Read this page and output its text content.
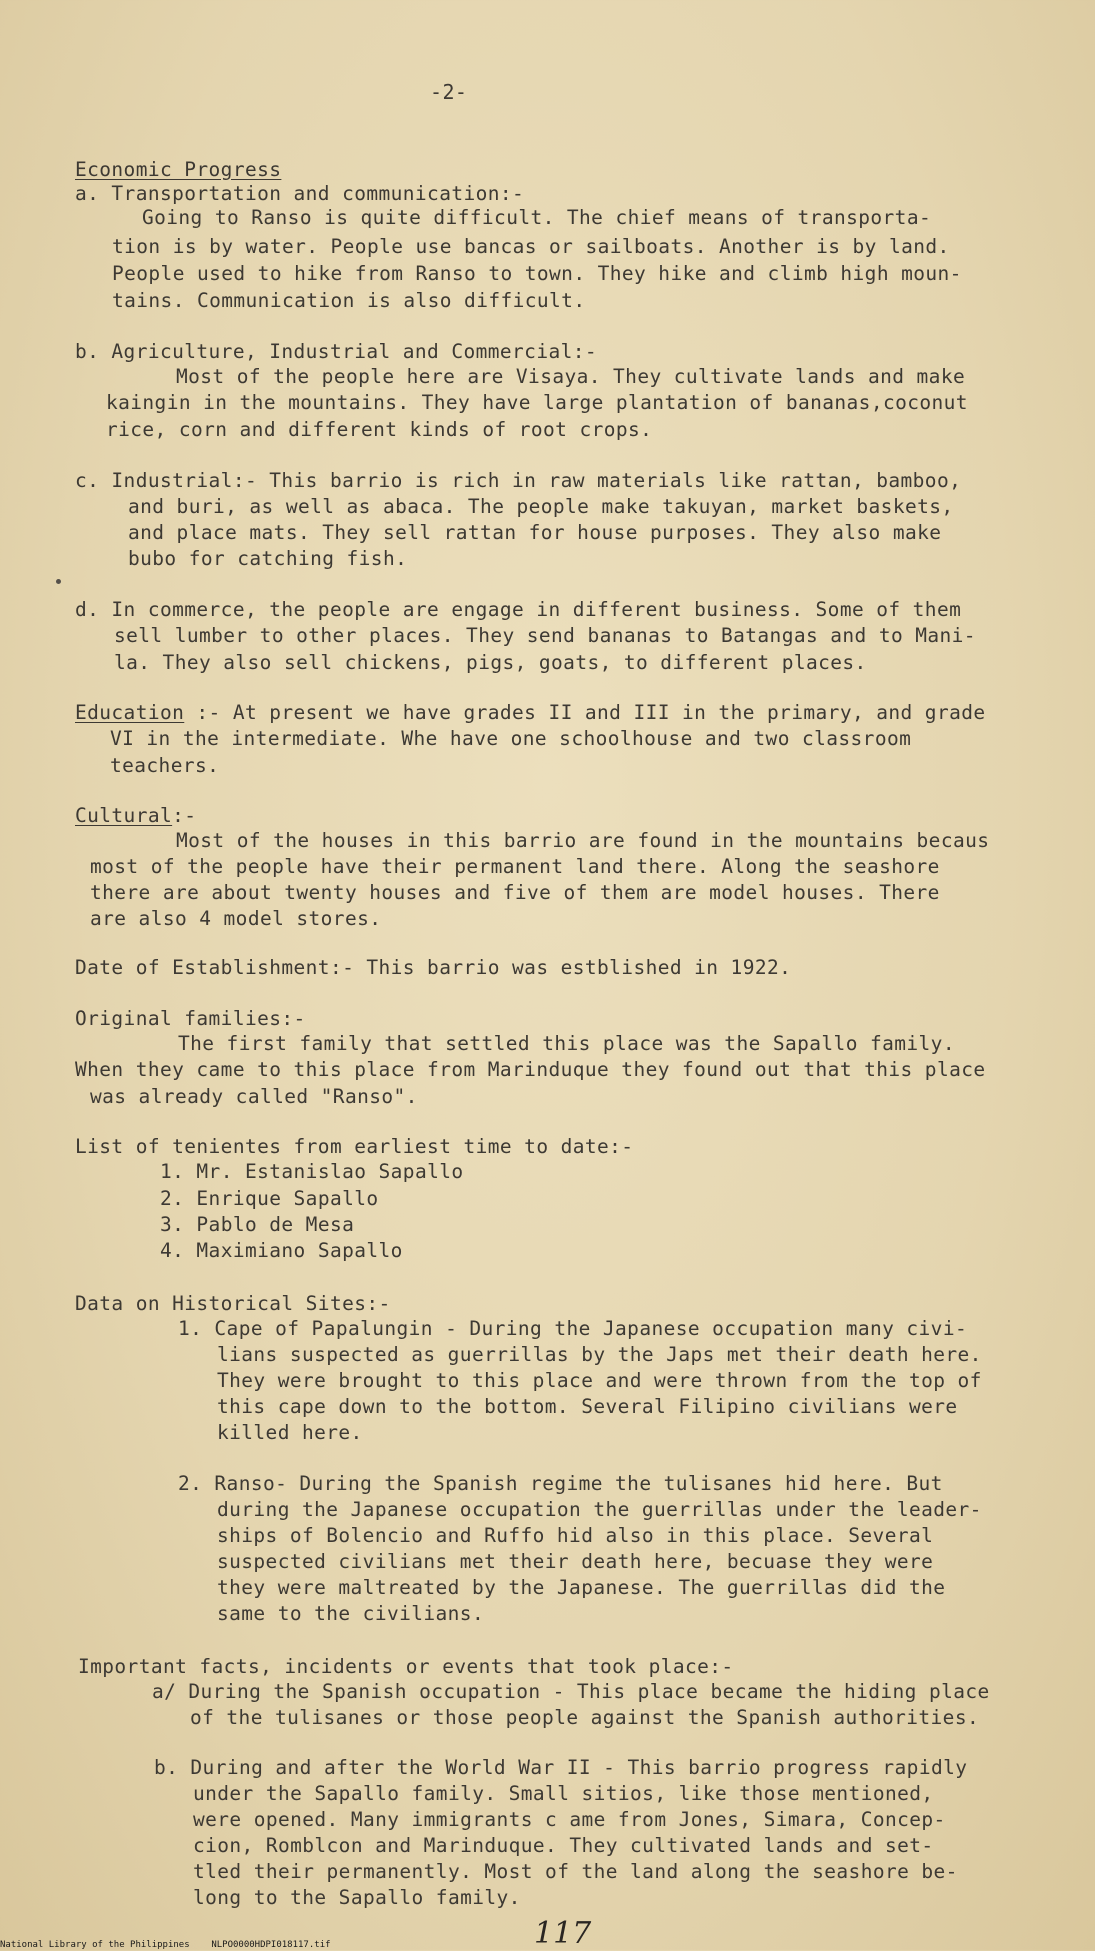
-2-
Economic Progress
a. Transportation and communication:-
Going to Ranso is quite difficult. The chief means of transporta-
tion is by water. People use bancas or sailboats. Another is by land.
People used to hike from Ranso to town. They hike and climb high moun-
tains. Communication is also difficult.
b. Agriculture, Industrial and Commercial:-
Most of the people here are Visaya. They cultivate lands and make
kaingin in the mountains. They have large plantation of bananas,coconut
rice, corn and different kinds of root crops.
c. Industrial:- This barrio is rich in raw materials like rattan, bamboo,
and buri, as well as abaca. The people make takuyan, market baskets,
and place mats. They sell rattan for house purposes. They also make
bubo for catching fish.
d. In commerce, the people are engage in different business. Some of them
sell lumber to other places. They send bananas to Batangas and to Mani-
la. They also sell chickens, pigs, goats, to different places.
Education :- At present we have grades II and III in the primary, and grade
VI in the intermediate. Whe have one schoolhouse and two classroom
teachers.
Cultural:-
Most of the houses in this barrio are found in the mountains becaus
most of the people have their permanent land there. Along the seashore
there are about twenty houses and five of them are model houses. There
are also 4 model stores.
Date of Establishment:- This barrio was estblished in 1922.
Original families:-
The first family that settled this place was the Sapallo family.
When they came to this place from Marinduque they found out that this place
was already called "Ranso".
List of tenientes from earliest time to date:-
1. Mr. Estanislao Sapallo
2. Enrique Sapallo
3. Pablo de Mesa
4. Maximiano Sapallo
Data on Historical Sites:-
1. Cape of Papalungin - During the Japanese occupation many civi-
lians suspected as guerrillas by the Japs met their death here.
They were brought to this place and were thrown from the top of
this cape down to the bottom. Several Filipino civilians were
killed here.
2. Ranso- During the Spanish regime the tulisanes hid here. But
during the Japanese occupation the guerrillas under the leader-
ships of Bolencio and Ruffo hid also in this place. Several
suspected civilians met their death here, becuase they were
they were maltreated by the Japanese. The guerrillas did the
same to the civilians.
Important facts, incidents or events that took place:-
a/ During the Spanish occupation - This place became the hiding place
of the tulisanes or those people against the Spanish authorities.
b. During and after the World War II - This barrio progress rapidly
under the Sapallo family. Small sitios, like those mentioned,
were opened. Many immigrants c ame from Jones, Simara, Concep-
cion, Romblcon and Marinduque. They cultivated lands and set-
tled their permanently. Most of the land along the seashore be-
long to the Sapallo family.
117
National Library of the Philippines    NLPO0000HDPI018117.tif
